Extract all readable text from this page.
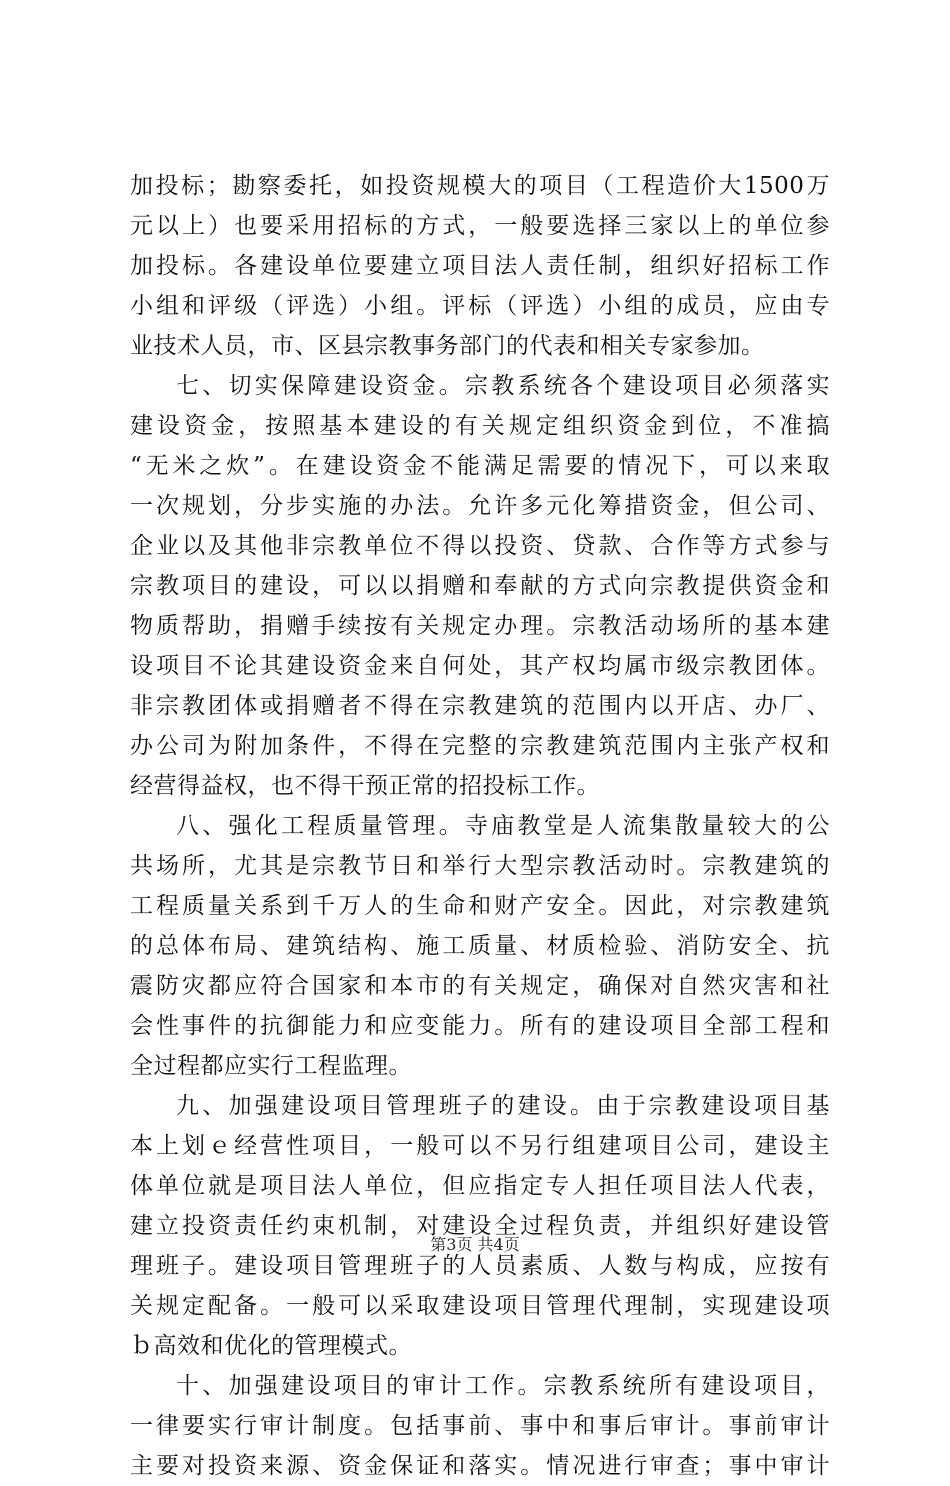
加投标；勘察委托，如投资规模大的项目（工程造价大1500万
元以上）也要采用招标的方式，一般要选择三家以上的单位参
加投标。各建设单位要建立项目法人责任制，组织好招标工作
小组和评级（评选）小组。评标（评选）小组的成员，应由专
业技术人员，市、区县宗教事务部门的代表和相关专家参加。
七、切实保障建设资金。宗教系统各个建设项目必须落实
建设资金，按照基本建设的有关规定组织资金到位，不准搞
“无米之炊”。在建设资金不能满足需要的情况下，可以来取
一次规划，分步实施的办法。允许多元化筹措资金，但公司、
企业以及其他非宗教单位不得以投资、贷款、合作等方式参与
宗教项目的建设，可以以捐赠和奉献的方式向宗教提供资金和
物质帮助，捐赠手续按有关规定办理。宗教活动场所的基本建
设项目不论其建设资金来自何处，其产权均属市级宗教团体。
非宗教团体或捐赠者不得在宗教建筑的范围内以开店、办厂、
办公司为附加条件，不得在完整的宗教建筑范围内主张产权和
经营得益权，也不得干预正常的招投标工作。
八、强化工程质量管理。寺庙教堂是人流集散量较大的公
共场所，尤其是宗教节日和举行大型宗教活动时。宗教建筑的
工程质量关系到千万人的生命和财产安全。因此，对宗教建筑
的总体布局、建筑结构、施工质量、材质检验、消防安全、抗
震防灾都应符合国家和本市的有关规定，确保对自然灾害和社
会性事件的抗御能力和应变能力。所有的建设项目全部工程和
全过程都应实行工程监理。
九、加强建设项目管理班子的建设。由于宗教建设项目基
本上划ｅ经营性项目，一般可以不另行组建项目公司，建设主
体单位就是项目法人单位，但应指定专人担任项目法人代表，
建立投资责任约束机制，对建设全过程负责，并组织好建设管
理班子。建设项目管理班子的人员素质、人数与构成，应按有
关规定配备。一般可以采取建设项目管理代理制，实现建设项
ｂ高效和优化的管理模式。
十、加强建设项目的审计工作。宗教系统所有建设项目，
一律要实行审计制度。包括事前、事中和事后审计。事前审计
主要对投资来源、资金保证和落实。情况进行审查；事中审计
第3页 共4页
